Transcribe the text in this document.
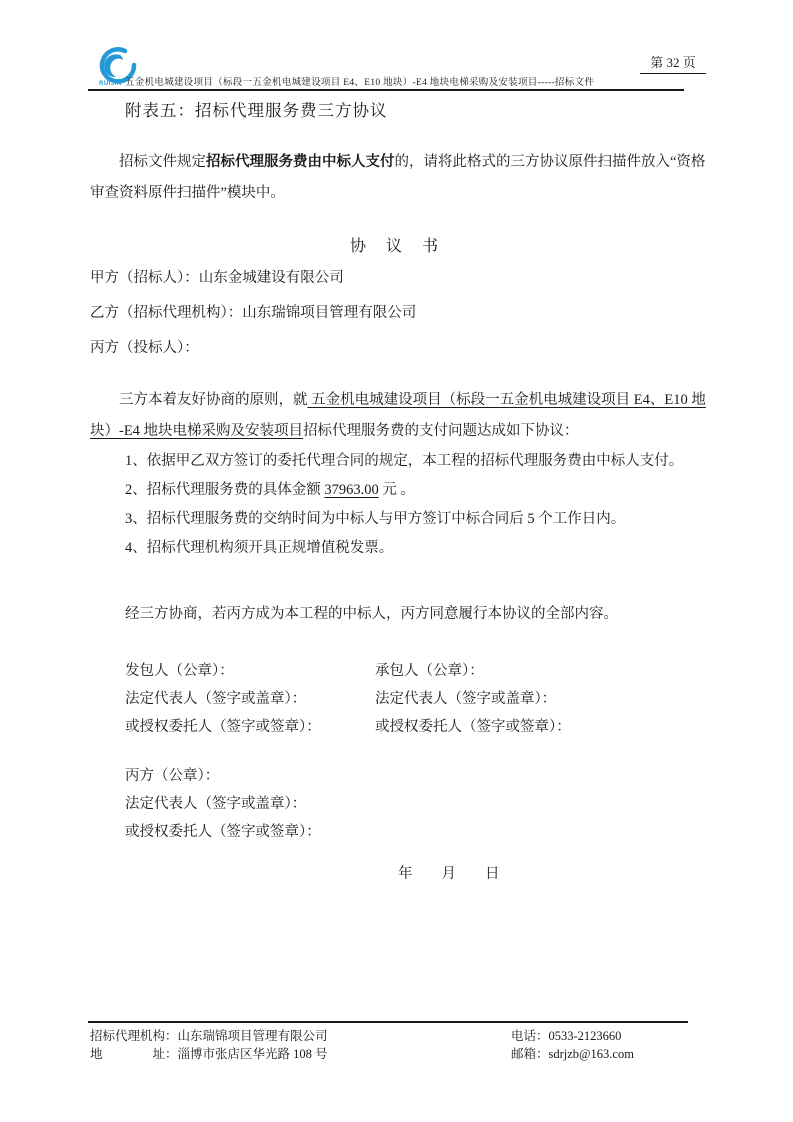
RUIJIN
第 32 页
五金机电城建设项目（标段一五金机电城建设项目 E4、E10 地块）-E4 地块电梯采购及安装项目-----招标文件
附表五：招标代理服务费三方协议
招标文件规定招标代理服务费由中标人支付的，请将此格式的三方协议原件扫描件放入“资格审查资料原件扫描件”模块中。
协 议 书
甲方（招标人）：山东金城建设有限公司
乙方（招标代理机构）：山东瑞锦项目管理有限公司
丙方（投标人）：
三方本着友好协商的原则，就 五金机电城建设项目（标段一五金机电城建设项目 E4、E10 地块）-E4 地块电梯采购及安装项目招标代理服务费的支付问题达成如下协议：
1、依据甲乙双方签订的委托代理合同的规定，本工程的招标代理服务费由中标人支付。
2、招标代理服务费的具体金额 37963.00 元 。
3、招标代理服务费的交纳时间为中标人与甲方签订中标合同后 5 个工作日内。
4、招标代理机构须开具正规增值税发票。
经三方协商，若丙方成为本工程的中标人，丙方同意履行本协议的全部内容。
发包人（公章）：	承包人（公章）：
法定代表人（签字或盖章）：	法定代表人（签字或盖章）：
或授权委托人（签字或签章）：	或授权委托人（签字或签章）：
丙方（公章）：
法定代表人（签字或盖章）：
或授权委托人（签字或签章）：
年　　月　　日
招标代理机构：山东瑞锦项目管理有限公司
地　　　　址：淄博市张店区华光路 108 号
电话：0533-2123660
邮箱：sdrjzb@163.com
